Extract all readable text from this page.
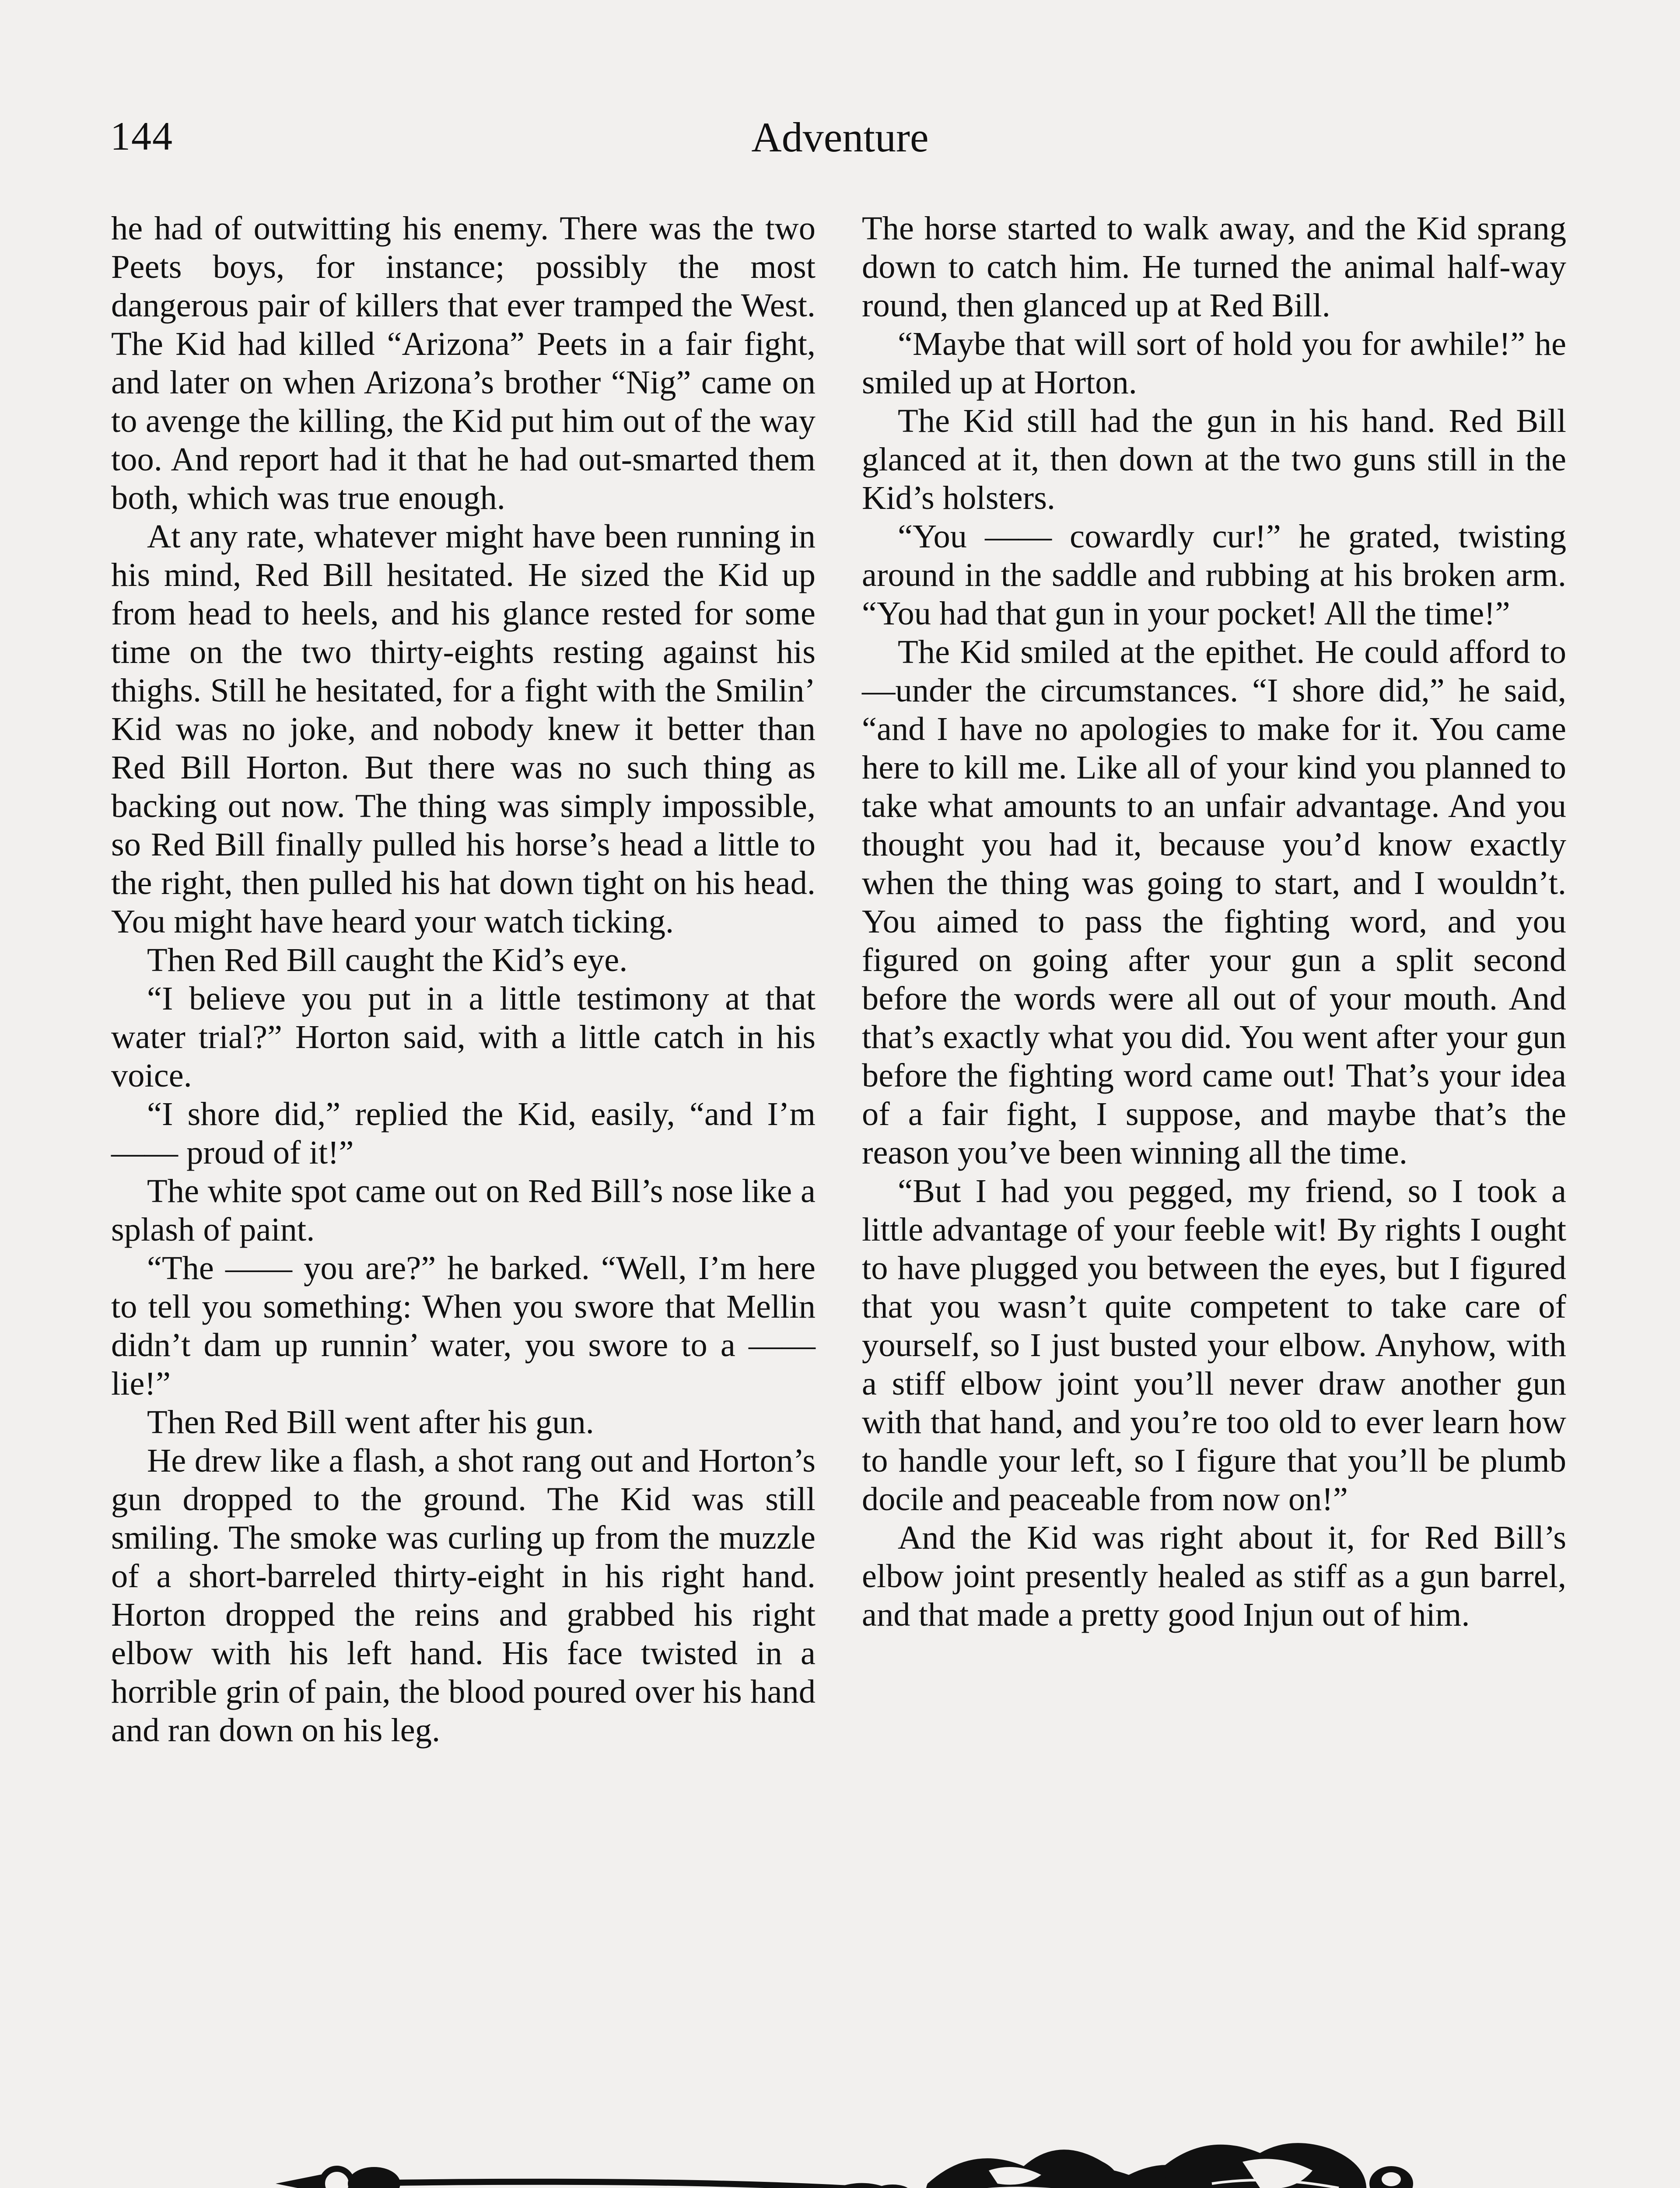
144	Adventure

he had of outwitting his enemy. There was the two Peets boys, for instance; possibly the most dangerous pair of killers that ever tramped the West. The Kid had killed “Arizona” Peets in a fair fight, and later on when Arizona’s brother “Nig” came on to avenge the killing, the Kid put him out of the way too. And report had it that he had out-smarted them both, which was true enough.

At any rate, whatever might have been running in his mind, Red Bill hesitated. He sized the Kid up from head to heels, and his glance rested for some time on the two thirty-eights resting against his thighs. Still he hesitated, for a fight with the Smilin’ Kid was no joke, and nobody knew it better than Red Bill Horton. But there was no such thing as backing out now. The thing was simply impossible, so Red Bill finally pulled his horse’s head a little to the right, then pulled his hat down tight on his head. You might have heard your watch ticking.

Then Red Bill caught the Kid’s eye.

“I believe you put in a little testimony at that water trial?” Horton said, with a little catch in his voice.

“I shore did,” replied the Kid, easily, “and I’m —— proud of it!”

The white spot came out on Red Bill’s nose like a splash of paint.

“The —— you are?” he barked. “Well, I’m here to tell you something: When you swore that Mellin didn’t dam up runnin’ water, you swore to a —— lie!”

Then Red Bill went after his gun.

He drew like a flash, a shot rang out and Horton’s gun dropped to the ground. The Kid was still smiling. The smoke was curling up from the muzzle of a short-barreled thirty-eight in his right hand. Horton dropped the reins and grabbed his right elbow with his left hand. His face twisted in a horrible grin of pain, the blood poured over his hand and ran down on his leg.

The horse started to walk away, and the Kid sprang down to catch him. He turned the animal half-way round, then glanced up at Red Bill.

“Maybe that will sort of hold you for awhile!” he smiled up at Horton.

The Kid still had the gun in his hand. Red Bill glanced at it, then down at the two guns still in the Kid’s holsters.

“You —— cowardly cur!” he grated, twisting around in the saddle and rubbing at his broken arm. “You had that gun in your pocket! All the time!”

The Kid smiled at the epithet. He could afford to—under the circumstances. “I shore did,” he said, “and I have no apologies to make for it. You came here to kill me. Like all of your kind you planned to take what amounts to an unfair advantage. And you thought you had it, because you’d know exactly when the thing was going to start, and I wouldn’t. You aimed to pass the fighting word, and you figured on going after your gun a split second before the words were all out of your mouth. And that’s exactly what you did. You went after your gun before the fighting word came out! That’s your idea of a fair fight, I suppose, and maybe that’s the reason you’ve been winning all the time.

“But I had you pegged, my friend, so I took a little advantage of your feeble wit! By rights I ought to have plugged you between the eyes, but I figured that you wasn’t quite competent to take care of yourself, so I just busted your elbow. Anyhow, with a stiff elbow joint you’ll never draw another gun with that hand, and you’re too old to ever learn how to handle your left, so I figure that you’ll be plumb docile and peaceable from now on!”

And the Kid was right about it, for Red Bill’s elbow joint presently healed as stiff as a gun barrel, and that made a pretty good Injun out of him.
